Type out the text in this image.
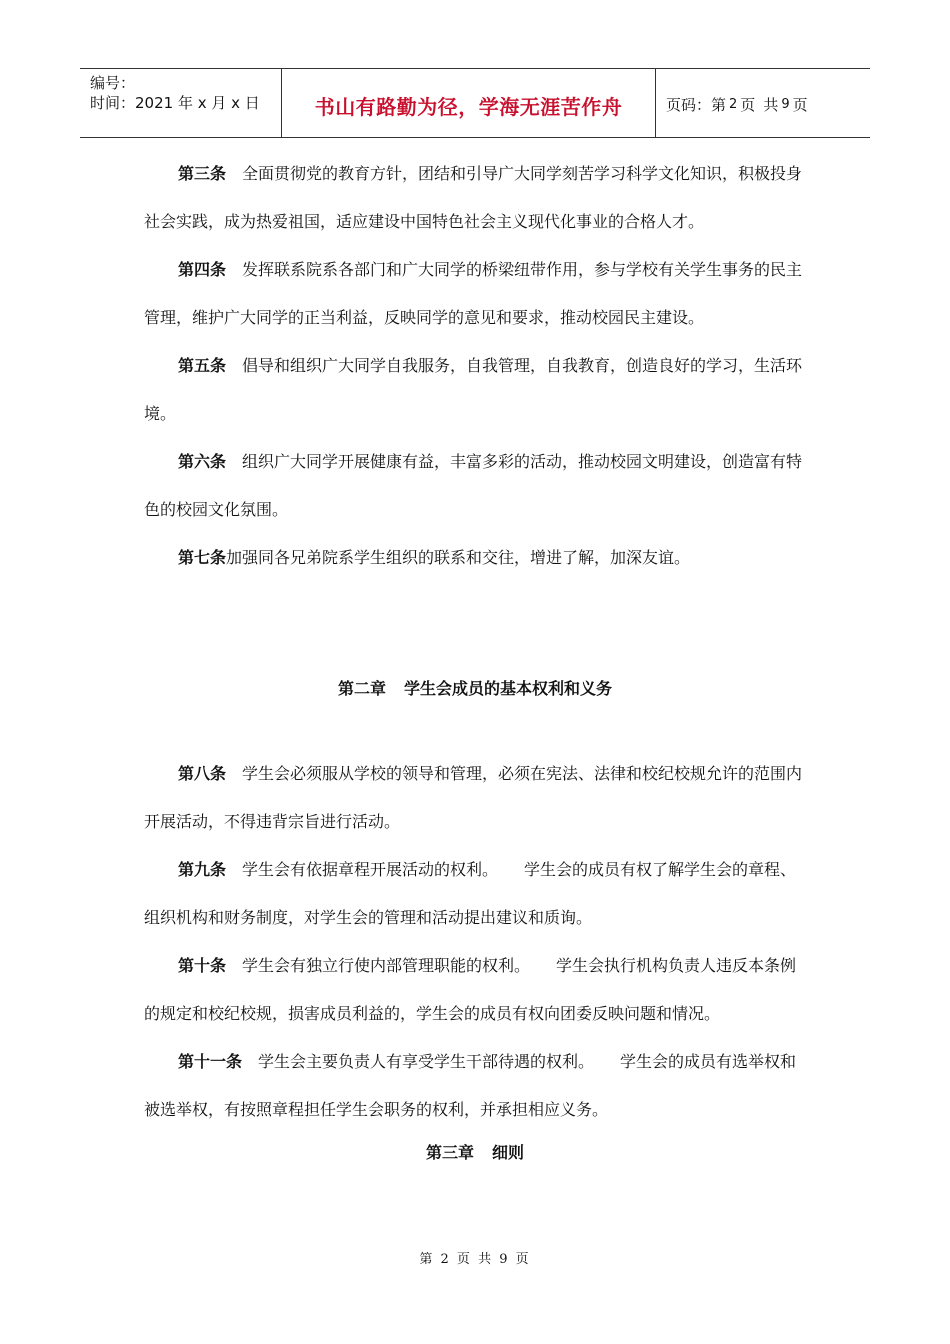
编号：
时间：2021 年 x 月 x 日	书山有路勤为径，学海无涯苦作舟	页码：第 2 页 共 9 页

第三条 全面贯彻党的教育方针，团结和引导广大同学刻苦学习科学文化知识，积极投身社会实践，成为热爱祖国，适应建设中国特色社会主义现代化事业的合格人才。

第四条 发挥联系院系各部门和广大同学的桥梁纽带作用，参与学校有关学生事务的民主管理，维护广大同学的正当利益，反映同学的意见和要求，推动校园民主建设。

第五条 倡导和组织广大同学自我服务，自我管理，自我教育，创造良好的学习，生活环境。

第六条 组织广大同学开展健康有益，丰富多彩的活动，推动校园文明建设，创造富有特色的校园文化氛围。

第七条加强同各兄弟院系学生组织的联系和交往，增进了解，加深友谊。

第二章 学生会成员的基本权利和义务

第八条 学生会必须服从学校的领导和管理，必须在宪法、法律和校纪校规允许的范围内开展活动，不得违背宗旨进行活动。

第九条 学生会有依据章程开展活动的权利。 学生会的成员有权了解学生会的章程、组织机构和财务制度，对学生会的管理和活动提出建议和质询。

第十条 学生会有独立行使内部管理职能的权利。 学生会执行机构负责人违反本条例的规定和校纪校规，损害成员利益的，学生会的成员有权向团委反映问题和情况。

第十一条 学生会主要负责人有享受学生干部待遇的权利。 学生会的成员有选举权和被选举权，有按照章程担任学生会职务的权利，并承担相应义务。

第三章 细则
第 2 页 共 9 页
